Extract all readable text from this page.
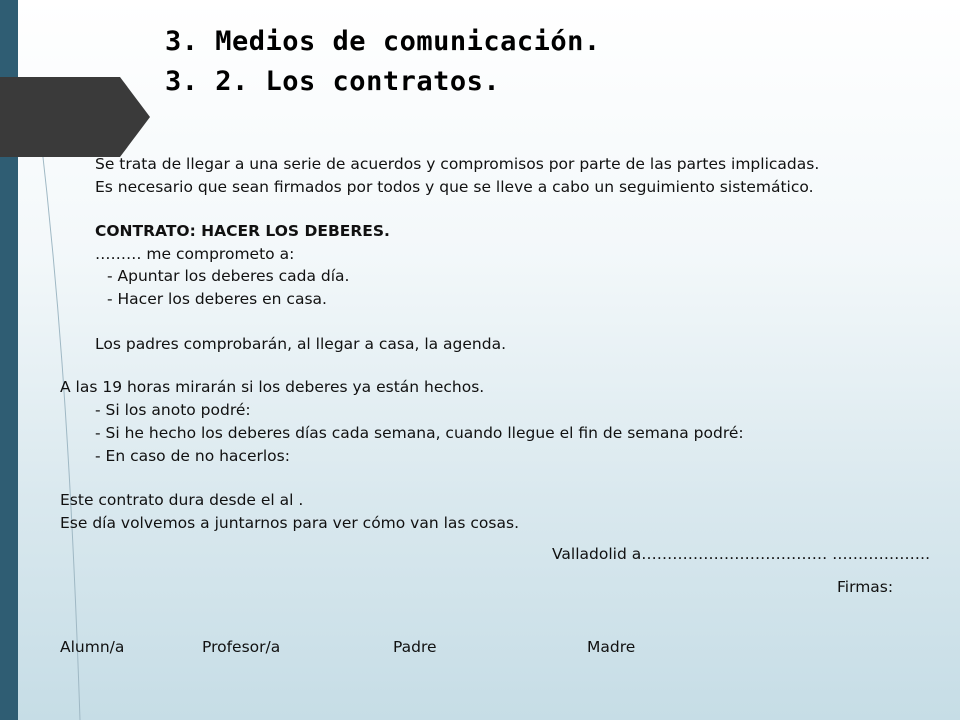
3. Medios de comunicación.
3. 2. Los contratos.
Se trata de llegar a una serie de acuerdos y compromisos por parte de las partes implicadas.
Es necesario que sean firmados por todos y que se lleve a cabo un seguimiento sistemático.
CONTRATO: HACER LOS DEBERES.
……… me comprometo a:
- Apuntar los deberes cada día.
- Hacer los deberes en casa.
Los padres comprobarán, al llegar a casa, la agenda.
A las 19 horas mirarán si los deberes ya están hechos.
- Si los anoto podré:
- Si he hecho los deberes días cada semana, cuando llegue el fin de semana podré:
- En caso de no hacerlos:
Este contrato dura desde el al .
Ese día volvemos a juntarnos para ver cómo van las cosas.
Valladolid a……………………………… ……………….
Firmas:
Alumn/a	Profesor/a	Padre	Madre
